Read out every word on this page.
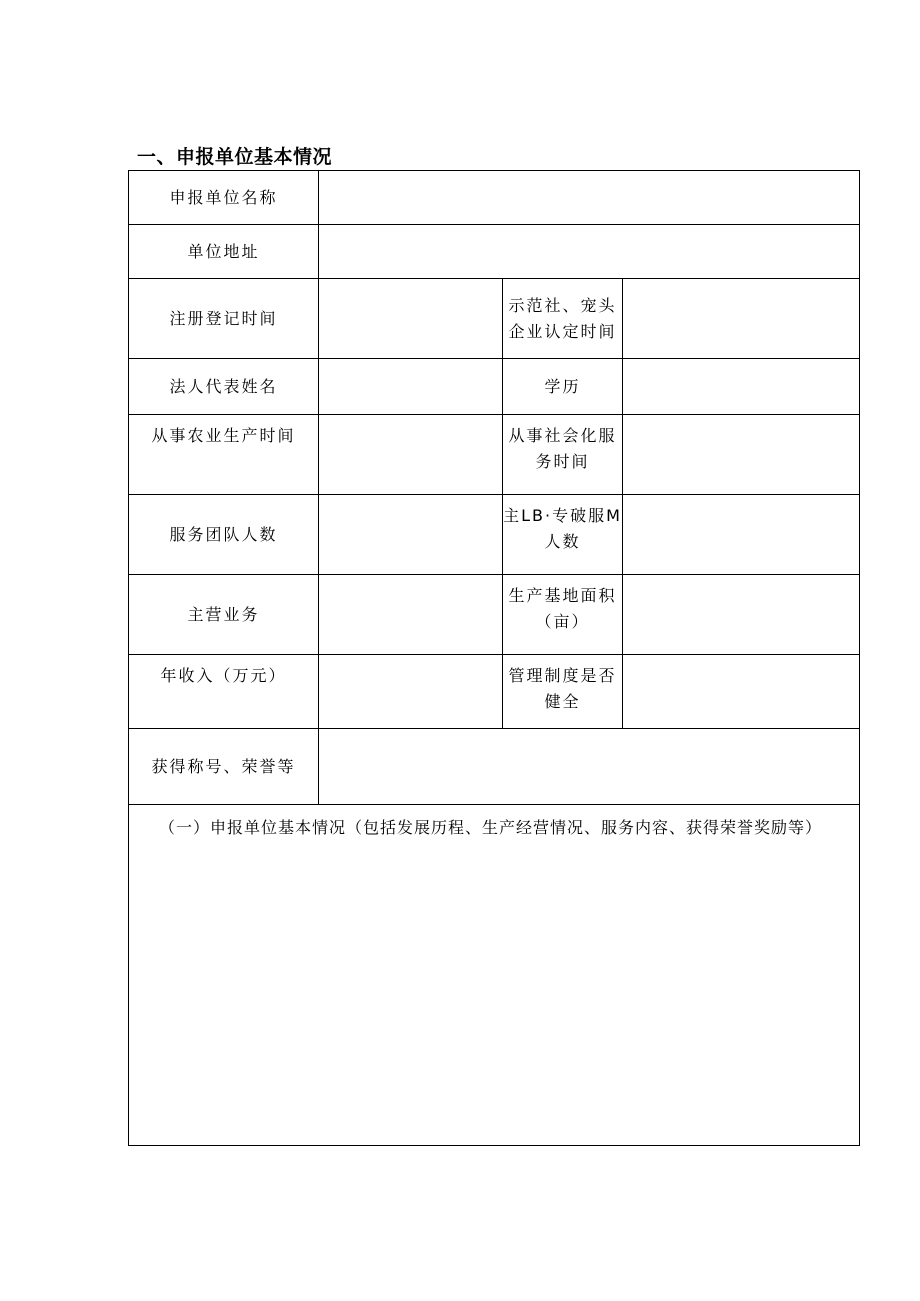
一、申报单位基本情况
申报单位名称			
单位地址			
注册登记时间		示范社、宠头企业认定时间	
法人代表姓名		学历	
从事农业生产时间		从事社会化服务时间	
服务团队人数		主LB·专破服M人数	
主营业务		生产基地面积（亩）	
年收入（万元）		管理制度是否健全	
获得称号、荣誉等			
（一）申报单位基本情况（包括发展历程、生产经营情况、服务内容、获得荣誉奖励等）			
